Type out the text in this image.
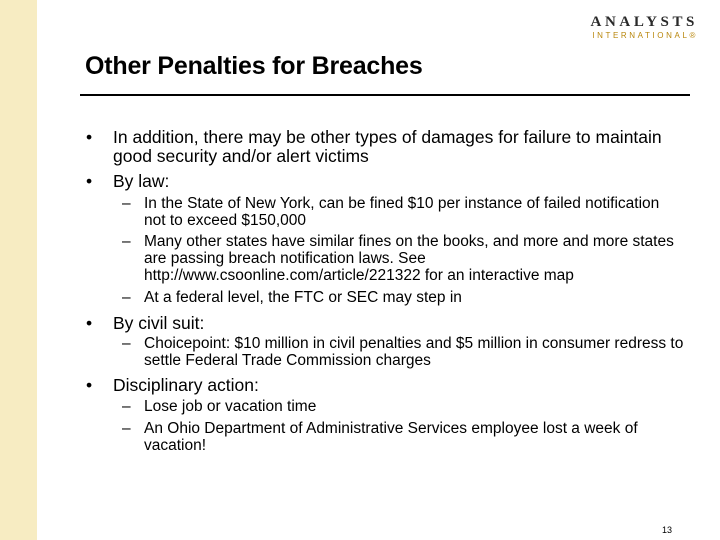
ANALYSTS
INTERNATIONAL®
Other Penalties for Breaches
• In addition, there may be other types of damages for failure to maintain good security and/or alert victims
• By law:
– In the State of New York, can be fined $10 per instance of failed notification not to exceed $150,000
– Many other states have similar fines on the books, and more and more states are passing breach notification laws. See http://www.csoonline.com/article/221322 for an interactive map
– At a federal level, the FTC or SEC may step in
• By civil suit:
– Choicepoint: $10 million in civil penalties and $5 million in consumer redress to settle Federal Trade Commission charges
• Disciplinary action:
– Lose job or vacation time
– An Ohio Department of Administrative Services employee lost a week of vacation!
13
